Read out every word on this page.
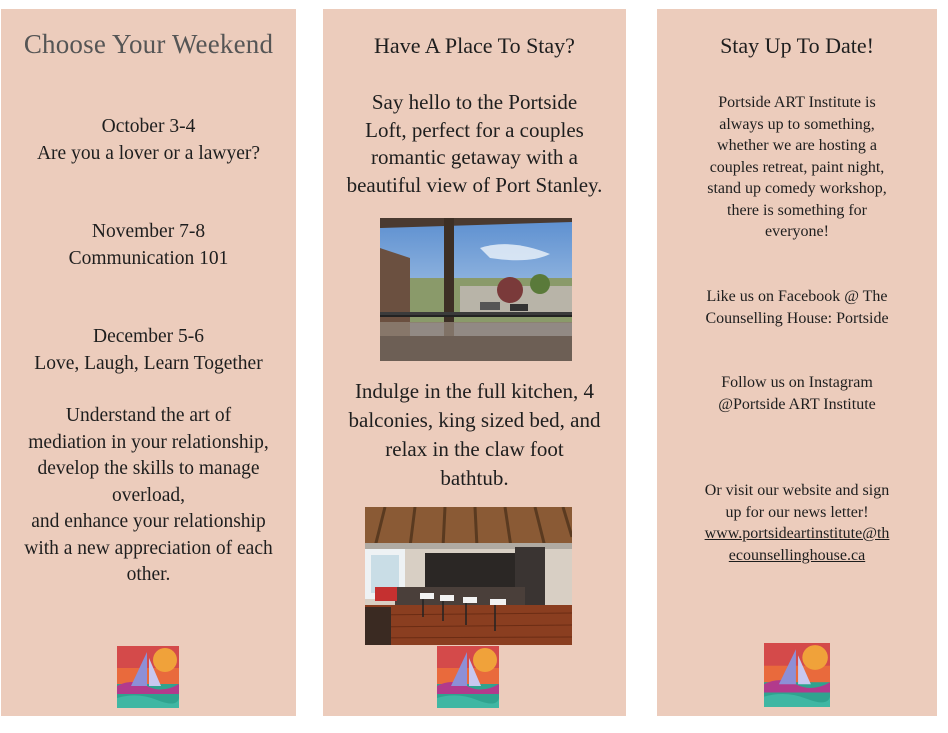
Choose Your Weekend
October 3-4
Are you a lover or a lawyer?
November 7-8
Communication 101
December 5-6
Love, Laugh, Learn Together
Understand the art of
mediation in your relationship,
develop the skills to manage
overload,
and enhance your relationship
with a new appreciation of each
other.
Have A Place To Stay?
Say hello to the Portside
Loft, perfect for a couples
romantic getaway with a
beautiful view of Port Stanley.
Indulge in the full kitchen, 4
balconies, king sized bed, and
relax in the claw foot
bathtub.
Stay Up To Date!
Portside ART Institute is
always up to something,
whether we are hosting a
couples retreat, paint night,
stand up comedy workshop,
there is something for
everyone!
Like us on Facebook @ The
Counselling House: Portside
Follow us on Instagram
@Portside ART Institute
Or visit our website and sign
up for our news letter!
www.portsideartinstitute@th
ecounsellinghouse.ca
